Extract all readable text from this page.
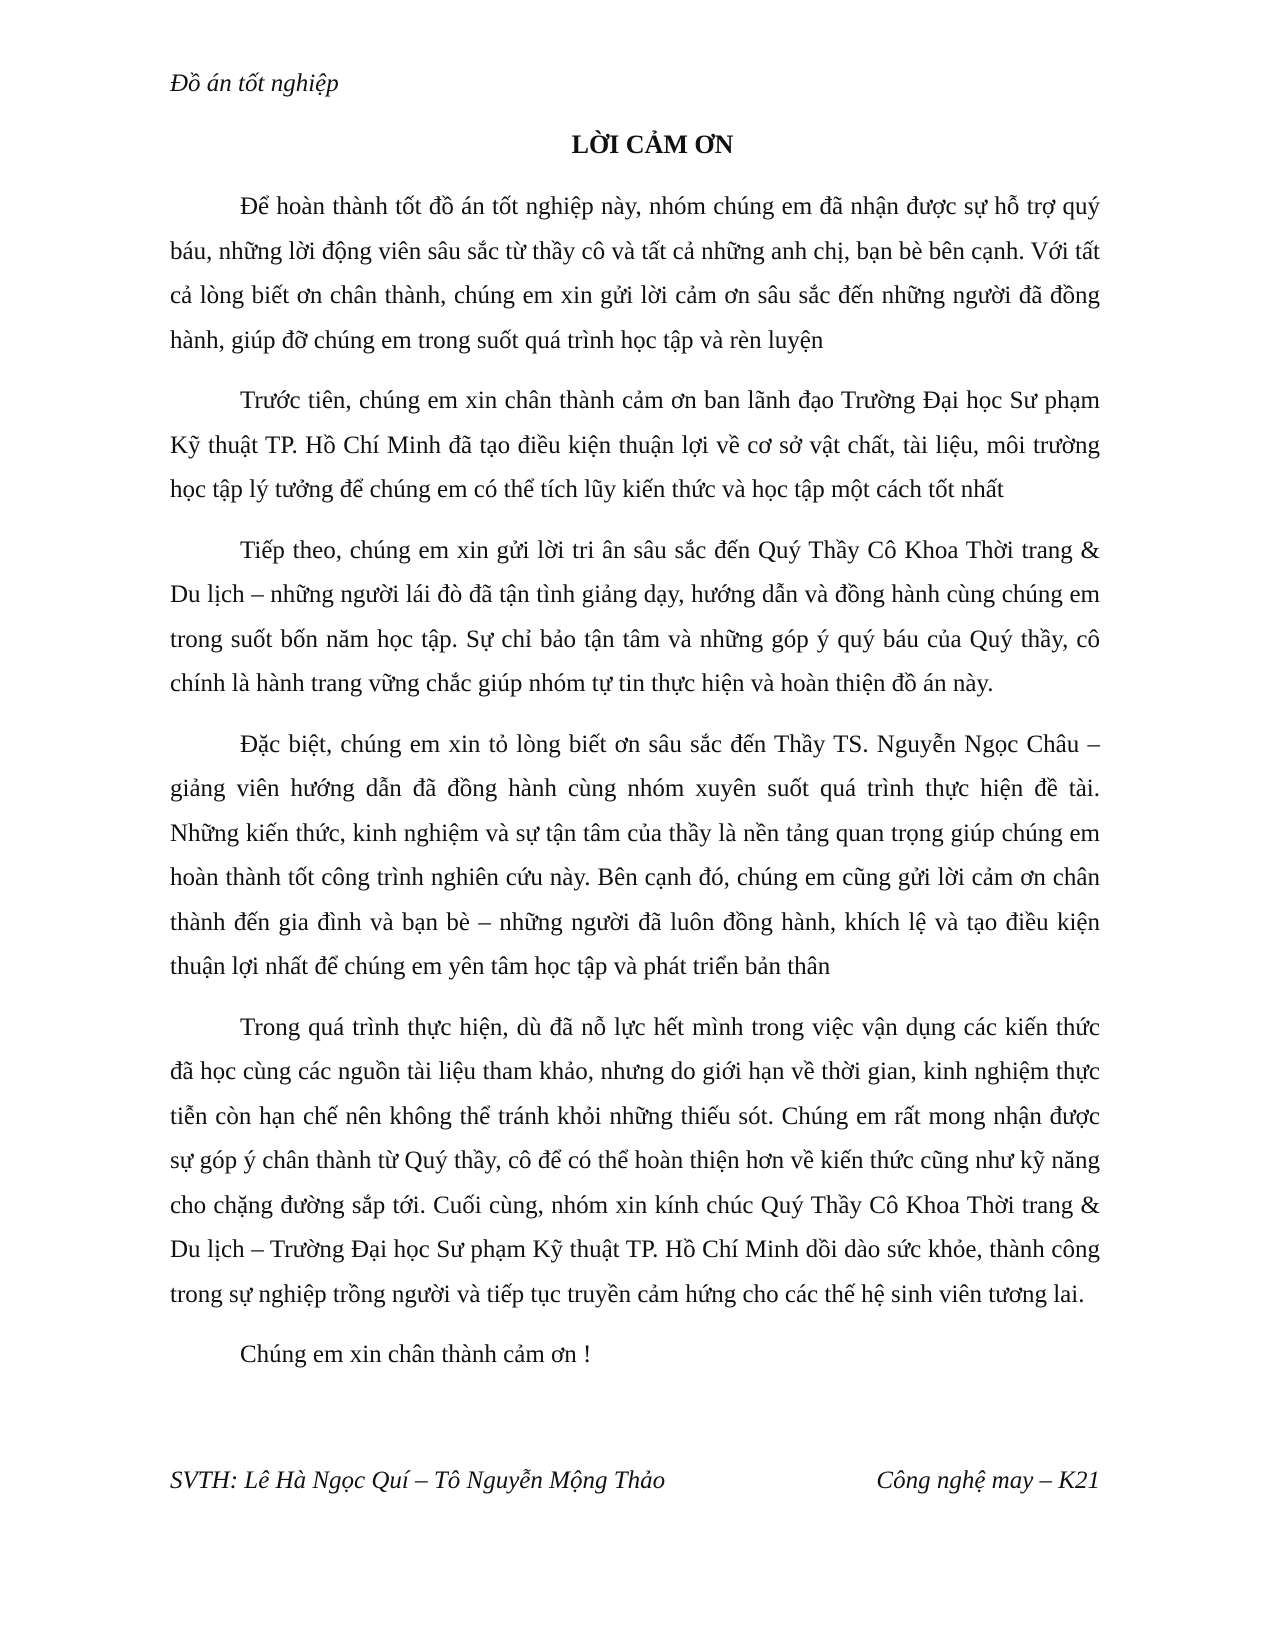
Đồ án tốt nghiệp
LỜI CẢM ƠN

Để hoàn thành tốt đồ án tốt nghiệp này, nhóm chúng em đã nhận được sự hỗ trợ quý báu, những lời động viên sâu sắc từ thầy cô và tất cả những anh chị, bạn bè bên cạnh. Với tất cả lòng biết ơn chân thành, chúng em xin gửi lời cảm ơn sâu sắc đến những người đã đồng hành, giúp đỡ chúng em trong suốt quá trình học tập và rèn luyện

Trước tiên, chúng em xin chân thành cảm ơn ban lãnh đạo Trường Đại học Sư phạm Kỹ thuật TP. Hồ Chí Minh đã tạo điều kiện thuận lợi về cơ sở vật chất, tài liệu, môi trường học tập lý tưởng để chúng em có thể tích lũy kiến thức và học tập một cách tốt nhất

Tiếp theo, chúng em xin gửi lời tri ân sâu sắc đến Quý Thầy Cô Khoa Thời trang & Du lịch – những người lái đò đã tận tình giảng dạy, hướng dẫn và đồng hành cùng chúng em trong suốt bốn năm học tập. Sự chỉ bảo tận tâm và những góp ý quý báu của Quý thầy, cô chính là hành trang vững chắc giúp nhóm tự tin thực hiện và hoàn thiện đồ án này.

Đặc biệt, chúng em xin tỏ lòng biết ơn sâu sắc đến Thầy TS. Nguyễn Ngọc Châu – giảng viên hướng dẫn đã đồng hành cùng nhóm xuyên suốt quá trình thực hiện đề tài. Những kiến thức, kinh nghiệm và sự tận tâm của thầy là nền tảng quan trọng giúp chúng em hoàn thành tốt công trình nghiên cứu này. Bên cạnh đó, chúng em cũng gửi lời cảm ơn chân thành đến gia đình và bạn bè – những người đã luôn đồng hành, khích lệ và tạo điều kiện thuận lợi nhất để chúng em yên tâm học tập và phát triển bản thân

Trong quá trình thực hiện, dù đã nỗ lực hết mình trong việc vận dụng các kiến thức đã học cùng các nguồn tài liệu tham khảo, nhưng do giới hạn về thời gian, kinh nghiệm thực tiễn còn hạn chế nên không thể tránh khỏi những thiếu sót. Chúng em rất mong nhận được sự góp ý chân thành từ Quý thầy, cô để có thể hoàn thiện hơn về kiến thức cũng như kỹ năng cho chặng đường sắp tới. Cuối cùng, nhóm xin kính chúc Quý Thầy Cô Khoa Thời trang & Du lịch – Trường Đại học Sư phạm Kỹ thuật TP. Hồ Chí Minh dồi dào sức khỏe, thành công trong sự nghiệp trồng người và tiếp tục truyền cảm hứng cho các thế hệ sinh viên tương lai.

Chúng em xin chân thành cảm ơn !

SVTH: Lê Hà Ngọc Quí – Tô Nguyễn Mộng Thảo	Công nghệ may – K21
